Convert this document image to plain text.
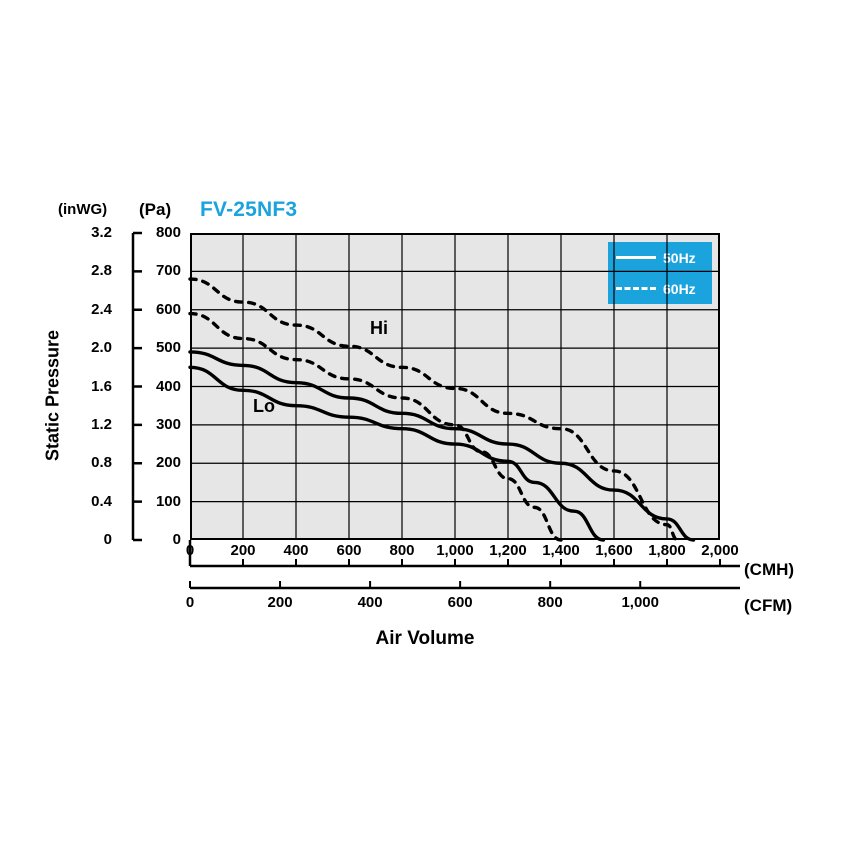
FV-25NF3
(inWG) (Pa)
(CMH)
(CFM)
Static Pressure
Air Volume
Hi
Lo
50Hz
60Hz
3.2
2.8
2.4
2.0
1.6
1.2
0.8
0.4
0
800
700
600
500
400
300
200
100
0
0	200	400	600	800	1,000	1,200	1,400	1,600	1,800	2,000
0	200	400	600	800	1,000
